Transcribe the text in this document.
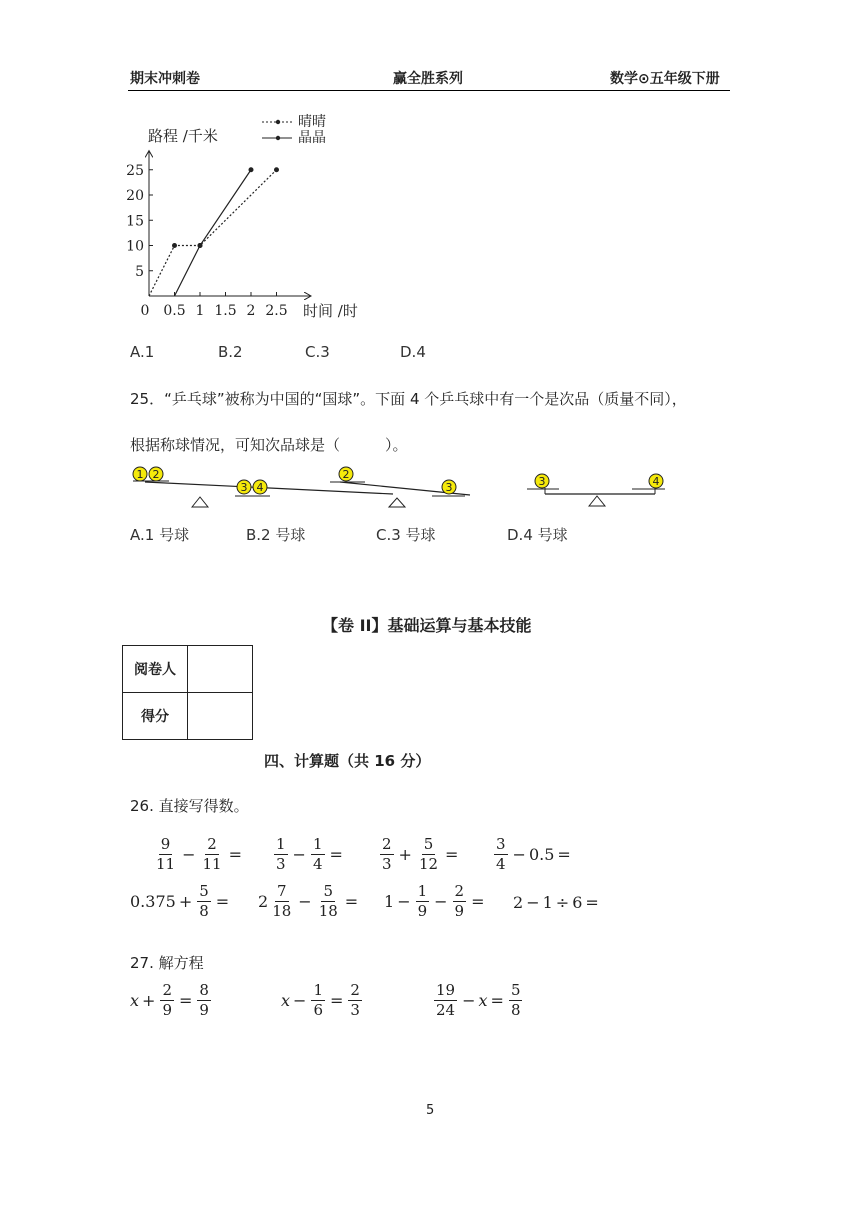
期末冲刺卷	赢全胜系列	数学⊙五年级下册
0 0.5 1 1.5 2 2.5
5
10
15
20
25
路程 /千米
时间 /时
晴晴
晶晶
A.1	B.2	C.3	D.4
25．“乒乓球”被称为中国的“国球”。下面 4 个乒乓球中有一个是次品（质量不同），
根据称球情况，可知次品球是（　　　）。
1 2
3 4
2
3	3	4
A.1 号球	B.2 号球	C.3 号球	D.4 号球
【卷 II】基础运算与基本技能
阅卷人	
得分	
四、计算题（共 16 分）
26. 直接写得数。
$\frac{9}{11} - \frac{2}{11} = \frac{1}{3} - \frac{1}{4} = \frac{2}{3} + \frac{5}{12} = \frac{3}{4} - 0.5$ =
$0.375 + \frac{5}{8} = 2 \frac{7}{18} - \frac{5}{18} = 1 - \frac{1}{9} - \frac{2}{9} = 2 - 1 \div 6$ =
27. 解方程
$x + \frac{2}{9} = \frac{8}{9}$	$x - \frac{1}{6} = \frac{2}{3}$	$\frac{19}{24} - x = \frac{5}{8}$
5
